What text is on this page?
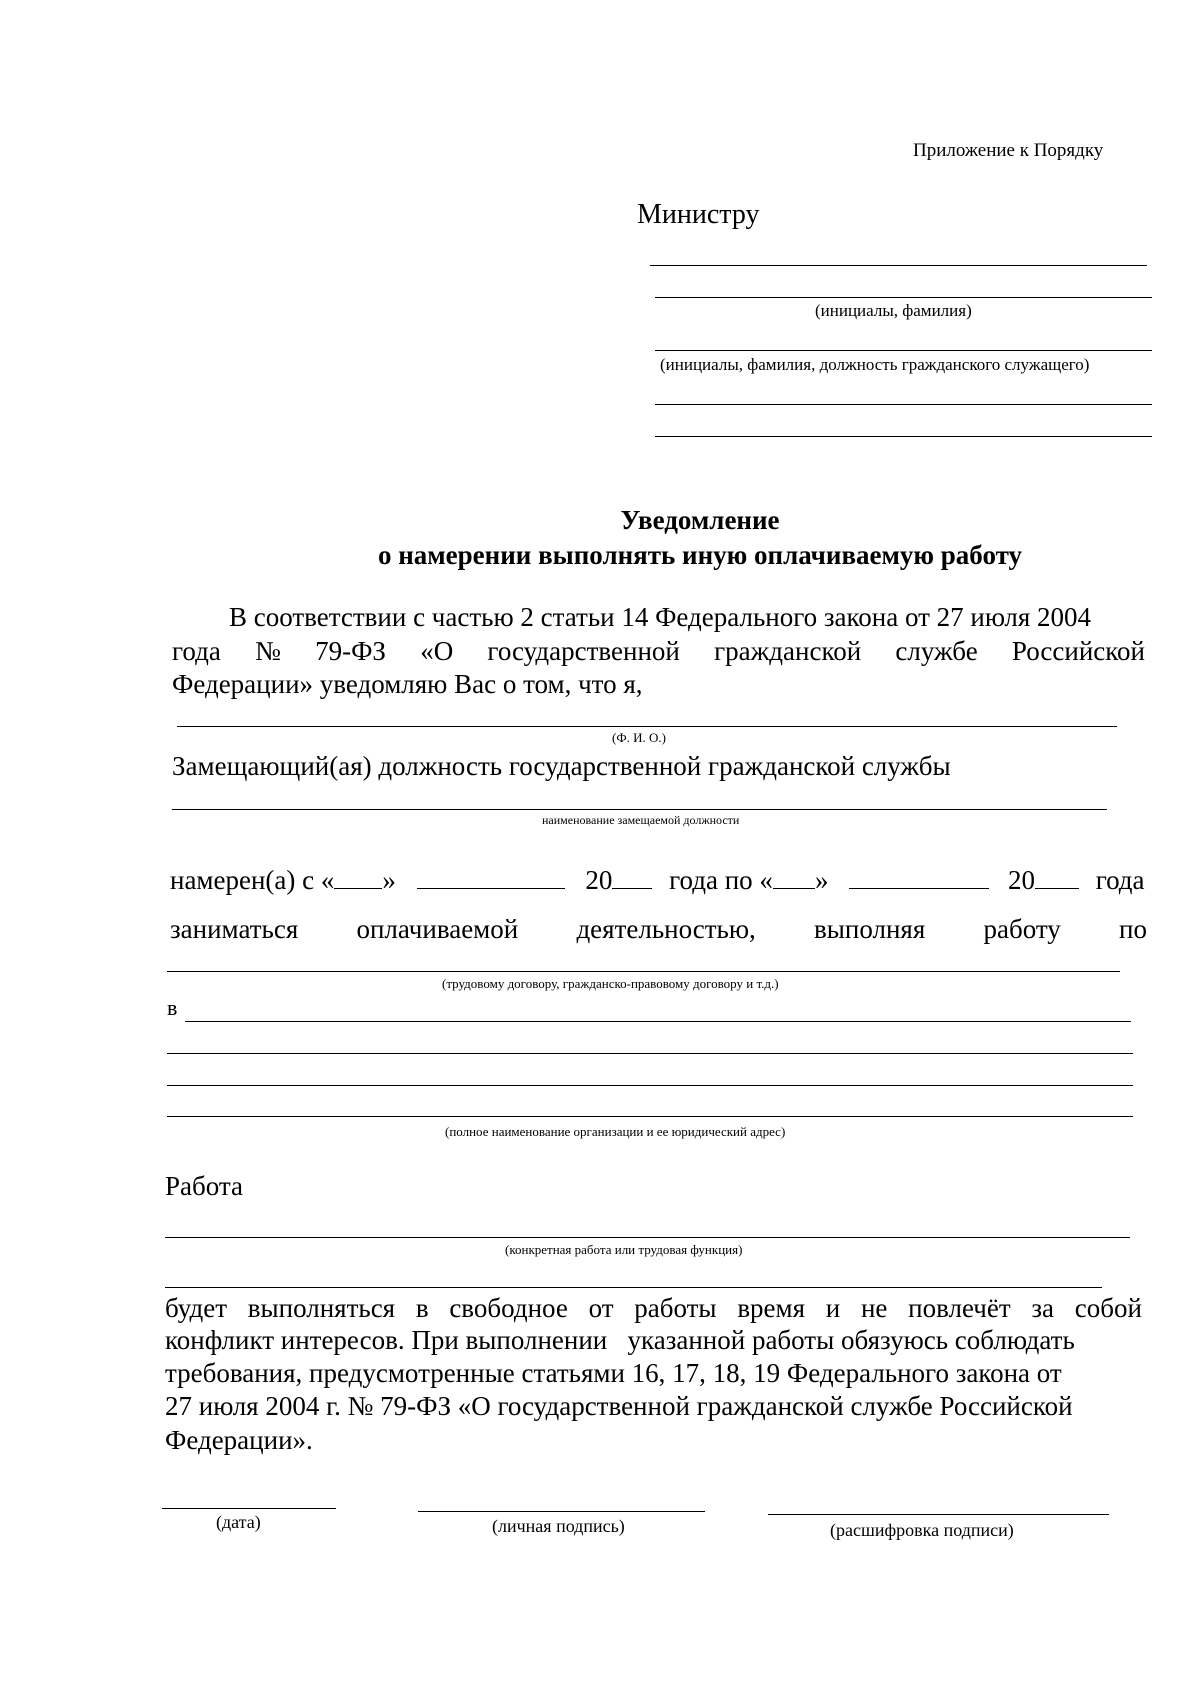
Приложение к Порядку
Министру
(инициалы, фамилия)
(инициалы, фамилия, должность гражданского служащего)
Уведомление
о намерении выполнять иную оплачиваемую работу
В соответствии с частью 2 статьи 14 Федерального закона от 27 июля 2004
года № 79-ФЗ «О государственной гражданской службе Российской
Федерации» уведомляю Вас о том, что я,
(Ф. И. О.)
Замещающий(ая) должность государственной гражданской службы
наименование замещаемой должности
намерен(а) с « »	20 года по « »	20 года
заниматься оплачиваемой деятельностью, выполняя работу по
(трудовому договору, гражданско-правовому договору и т.д.)
в
(полное наименование организации и ее юридический адрес)
Работа
(конкретная работа или трудовая функция)
будет выполняться в свободное от работы время и не повлечёт за собой
конфликт интересов. При выполнении   указанной работы обязуюсь соблюдать
требования, предусмотренные статьями 16, 17, 18, 19 Федерального закона от
27 июля 2004 г. № 79-ФЗ «О государственной гражданской службе Российской
Федерации».
(дата)	(личная подпись)	(расшифровка подписи)
